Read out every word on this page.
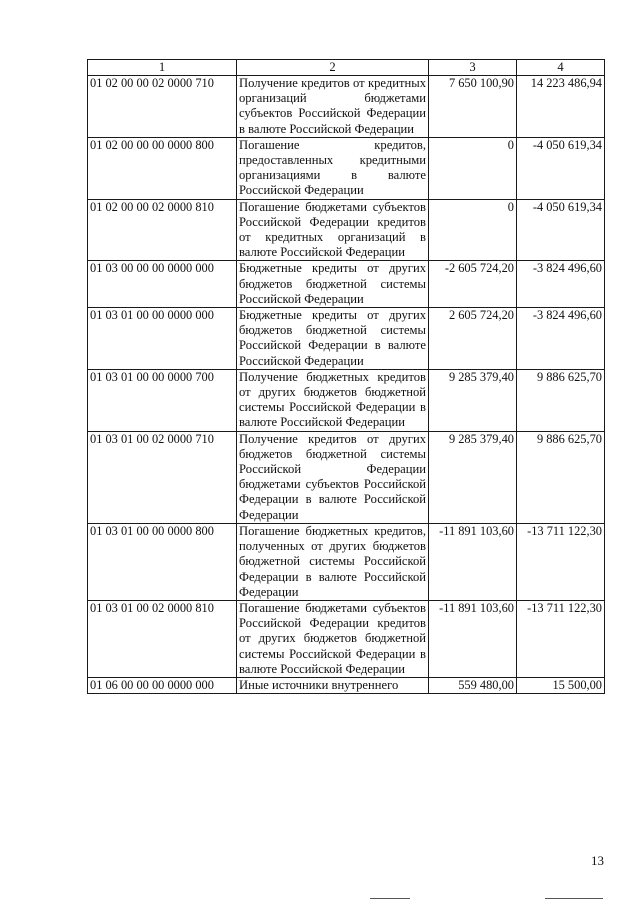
1	2	3	4
01 02 00 00 02 0000 710	Получение кредитов от кредитных организаций бюджетами субъектов Российской Федерации в валюте Российской Федерации	7 650 100,90	14 223 486,94
01 02 00 00 00 0000 800	Погашение кредитов, предоставленных кредитными организациями в валюте Российской Федерации	0	-4 050 619,34
01 02 00 00 02 0000 810	Погашение бюджетами субъектов Российской Федерации кредитов от кредитных организаций в валюте Российской Федерации	0	-4 050 619,34
01 03 00 00 00 0000 000	Бюджетные кредиты от других бюджетов бюджетной системы Российской Федерации	-2 605 724,20	-3 824 496,60
01 03 01 00 00 0000 000	Бюджетные кредиты от других бюджетов бюджетной системы Российской Федерации в валюте Российской Федерации	2 605 724,20	-3 824 496,60
01 03 01 00 00 0000 700	Получение бюджетных кредитов от других бюджетов бюджетной системы Российской Федерации в валюте Российской Федерации	9 285 379,40	9 886 625,70
01 03 01 00 02 0000 710	Получение кредитов от других бюджетов бюджетной системы Российской Федерации бюджетами субъектов Российской Федерации в валюте Российской Федерации	9 285 379,40	9 886 625,70
01 03 01 00 00 0000 800	Погашение бюджетных кредитов, полученных от других бюджетов бюджетной системы Российской Федерации в валюте Российской Федерации	-11 891 103,60	-13 711 122,30
01 03 01 00 02 0000 810	Погашение бюджетами субъектов Российской Федерации кредитов от других бюджетов бюджетной системы Российской Федерации в валюте Российской Федерации	-11 891 103,60	-13 711 122,30
01 06 00 00 00 0000 000	Иные источники внутреннего	559 480,00	15 500,00
13
